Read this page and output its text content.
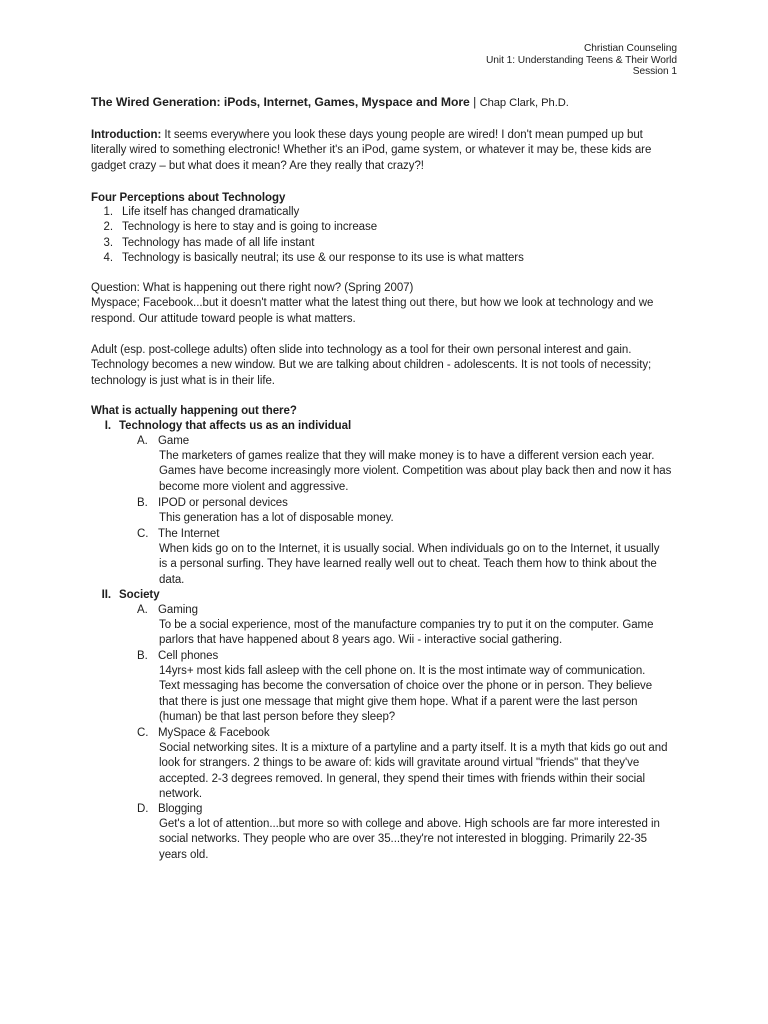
Christian Counseling
Unit 1: Understanding Teens & Their World
Session 1
The Wired Generation: iPods, Internet, Games, Myspace and More | Chap Clark, Ph.D.
Introduction: It seems everywhere you look these days young people are wired! I don't mean pumped up but
literally wired to something electronic! Whether it's an iPod, game system, or whatever it may be, these kids are
gadget crazy – but what does it mean? Are they really that crazy?!
Four Perceptions about Technology
1. Life itself has changed dramatically
2. Technology is here to stay and is going to increase
3. Technology has made of all life instant
4. Technology is basically neutral; its use & our response to its use is what matters
Question: What is happening out there right now? (Spring 2007)
Myspace; Facebook...but it doesn't matter what the latest thing out there, but how we look at technology and we
respond. Our attitude toward people is what matters.
Adult (esp. post-college adults) often slide into technology as a tool for their own personal interest and gain.
Technology becomes a new window. But we are talking about children - adolescents. It is not tools of necessity;
technology is just what is in their life.
What is actually happening out there?
I. Technology that affects us as an individual
A. Game
The marketers of games realize that they will make money is to have a different version each year.
Games have become increasingly more violent. Competition was about play back then and now it has
become more violent and aggressive.
B. IPOD or personal devices
This generation has a lot of disposable money.
C. The Internet
When kids go on to the Internet, it is usually social. When individuals go on to the Internet, it usually
is a personal surfing. They have learned really well out to cheat. Teach them how to think about the
data.
II. Society
A. Gaming
To be a social experience, most of the manufacture companies try to put it on the computer. Game
parlors that have happened about 8 years ago. Wii - interactive social gathering.
B. Cell phones
14yrs+ most kids fall asleep with the cell phone on. It is the most intimate way of communication.
Text messaging has become the conversation of choice over the phone or in person. They believe
that there is just one message that might give them hope. What if a parent were the last person
(human) be that last person before they sleep?
C. MySpace & Facebook
Social networking sites. It is a mixture of a partyline and a party itself. It is a myth that kids go out and
look for strangers. 2 things to be aware of: kids will gravitate around virtual "friends" that they've
accepted. 2-3 degrees removed. In general, they spend their times with friends within their social
network.
D. Blogging
Get's a lot of attention...but more so with college and above. High schools are far more interested in
social networks. They people who are over 35...they're not interested in blogging. Primarily 22-35
years old.
